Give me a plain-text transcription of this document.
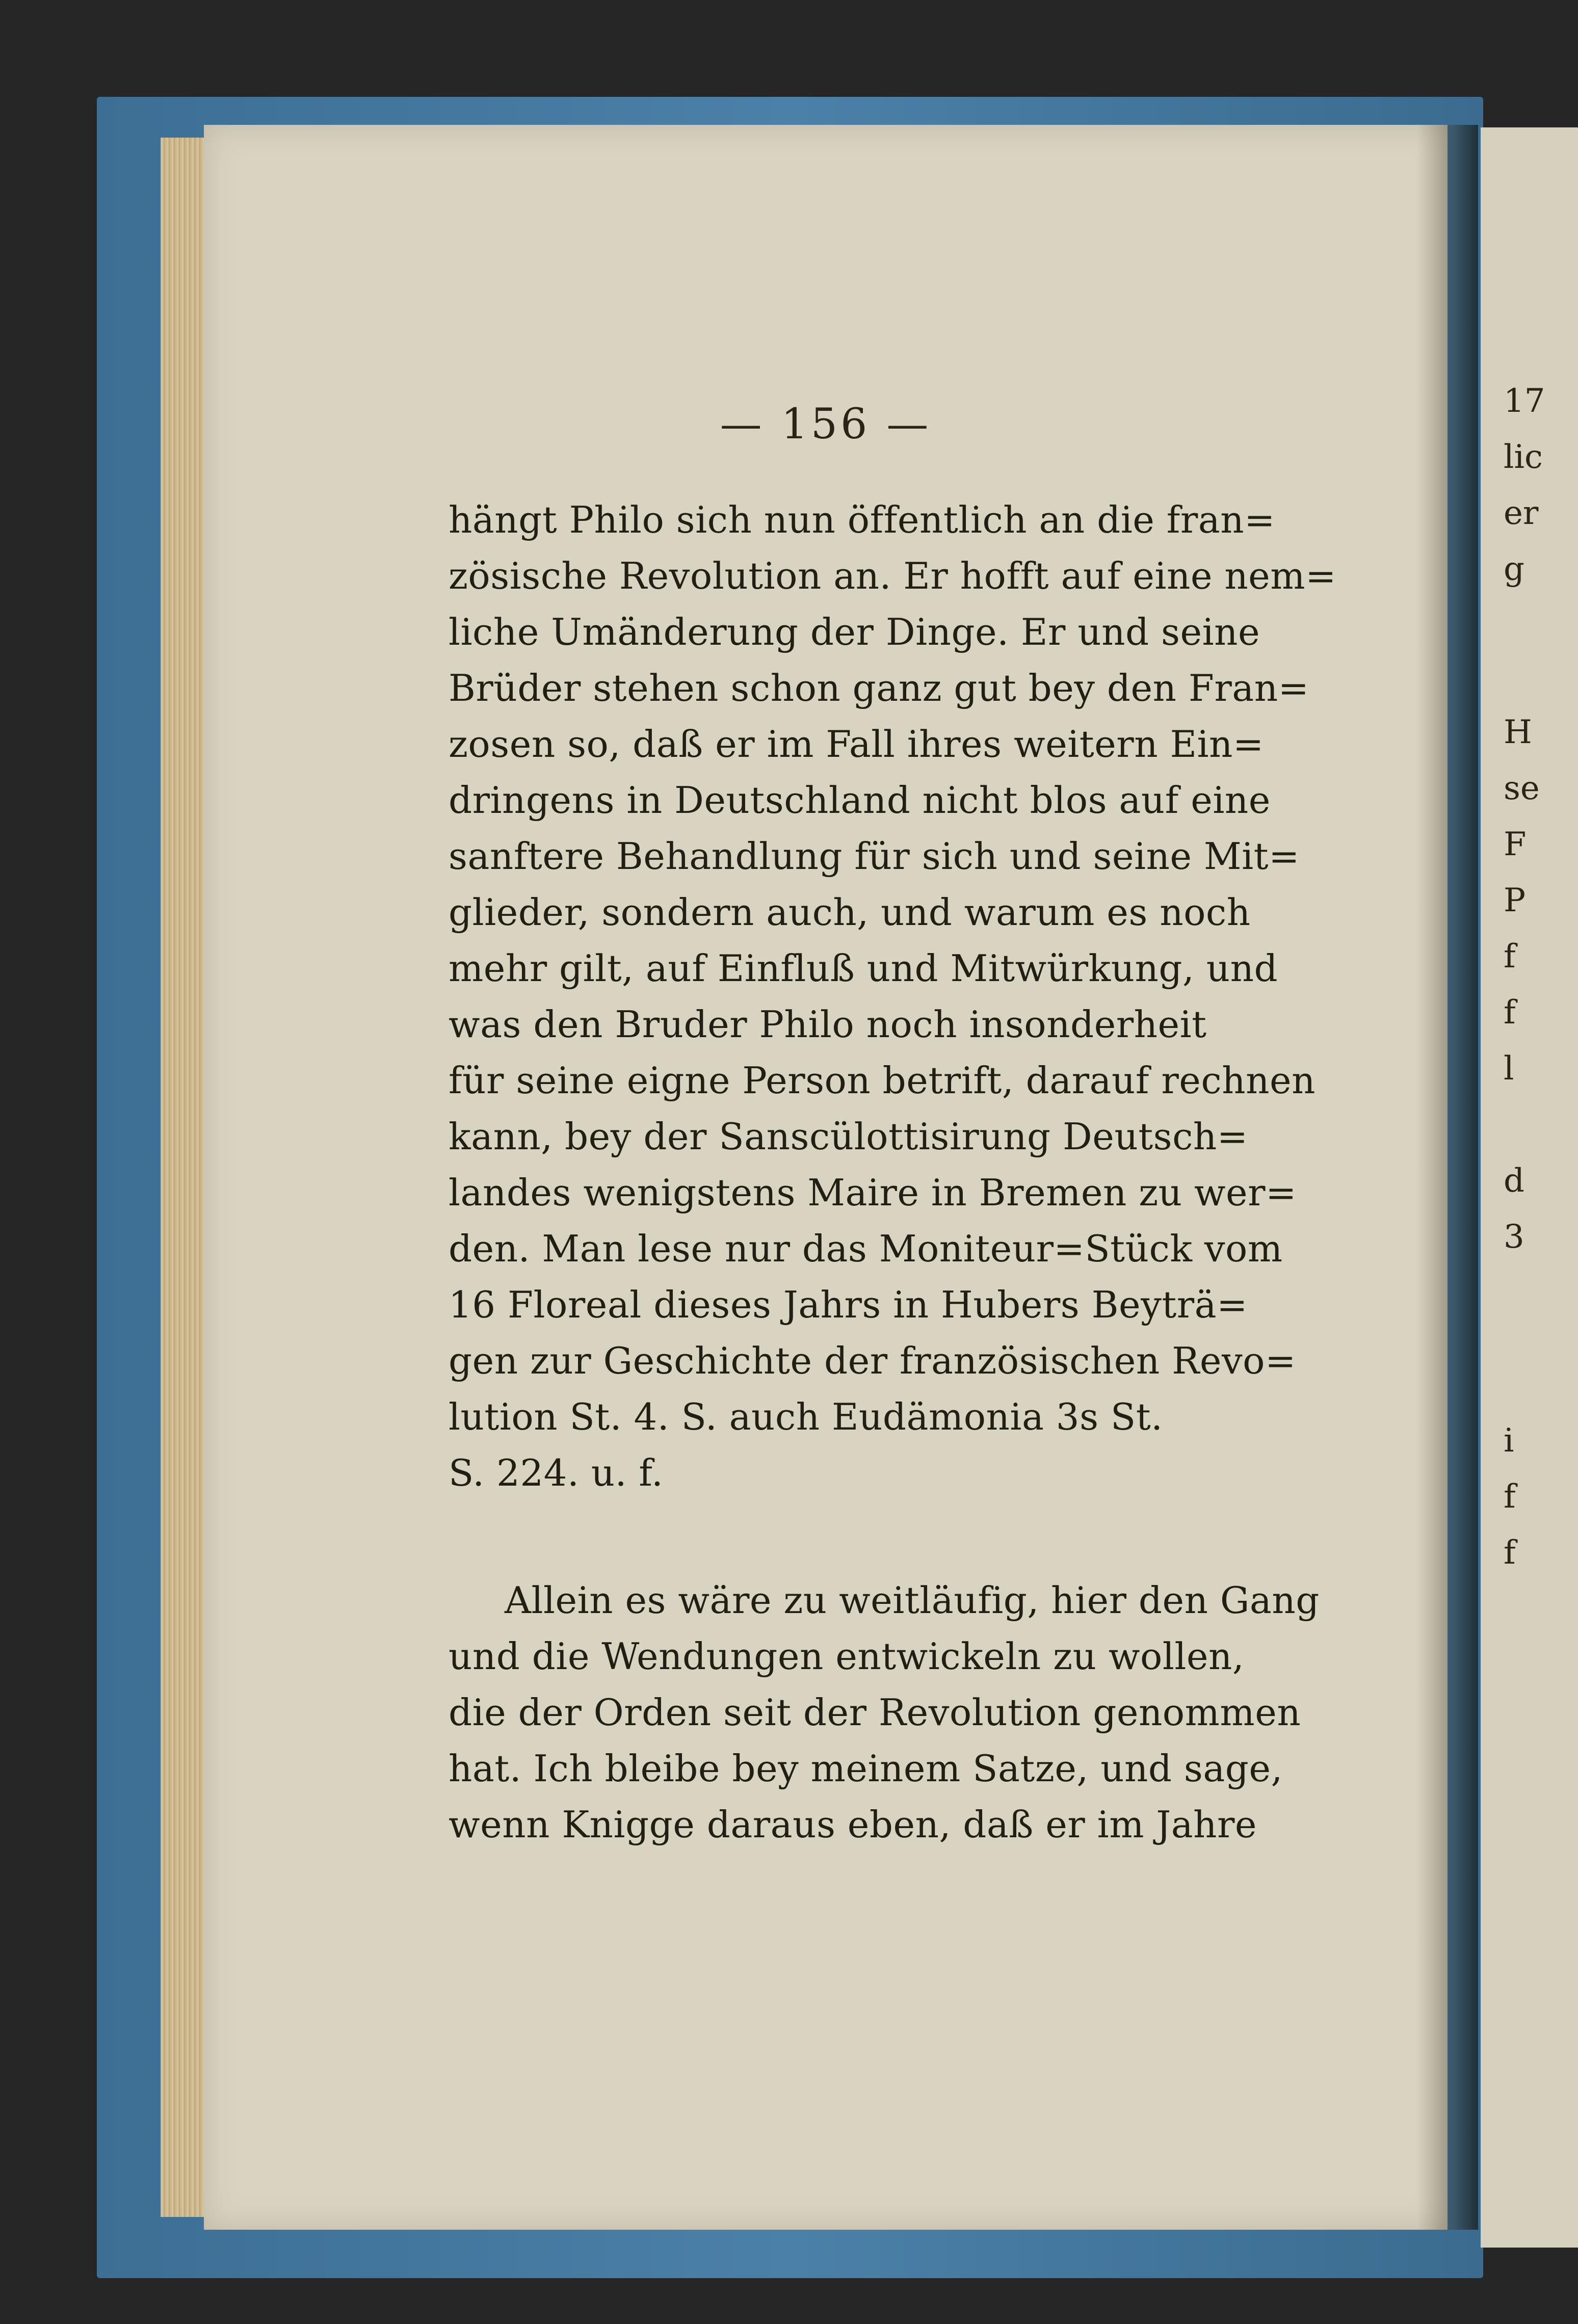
— 156 —

hängt Philo sich nun öffentlich an die fran=

zösische Revolution an. Er hofft auf eine nem=

liche Umänderung der Dinge. Er und seine

Brüder stehen schon ganz gut bey den Fran=

zosen so, daß er im Fall ihres weitern Ein=

dringens in Deutschland nicht blos auf eine

sanftere Behandlung für sich und seine Mit=

glieder, sondern auch, und warum es noch

mehr gilt, auf Einfluß und Mitwürkung, und

was den Bruder Philo noch insonderheit

für seine eigne Person betrift, darauf rechnen

kann, bey der Sanscülottisirung Deutsch=

landes wenigstens Maire in Bremen zu wer=

den. Man lese nur das Moniteur=Stück vom

16 Floreal dieses Jahrs in Hubers Beyträ=

gen zur Geschichte der französischen Revo=

lution St. 4. S. auch Eudämonia 3s St.

S. 224. u. f.

Allein es wäre zu weitläufig, hier den Gang

und die Wendungen entwickeln zu wollen,

die der Orden seit der Revolution genommen

hat. Ich bleibe bey meinem Satze, und sage,

wenn Knigge daraus eben, daß er im Jahre

17

lic

er

g

H

se

F

P

f

f

l

d

3

i

f

f
